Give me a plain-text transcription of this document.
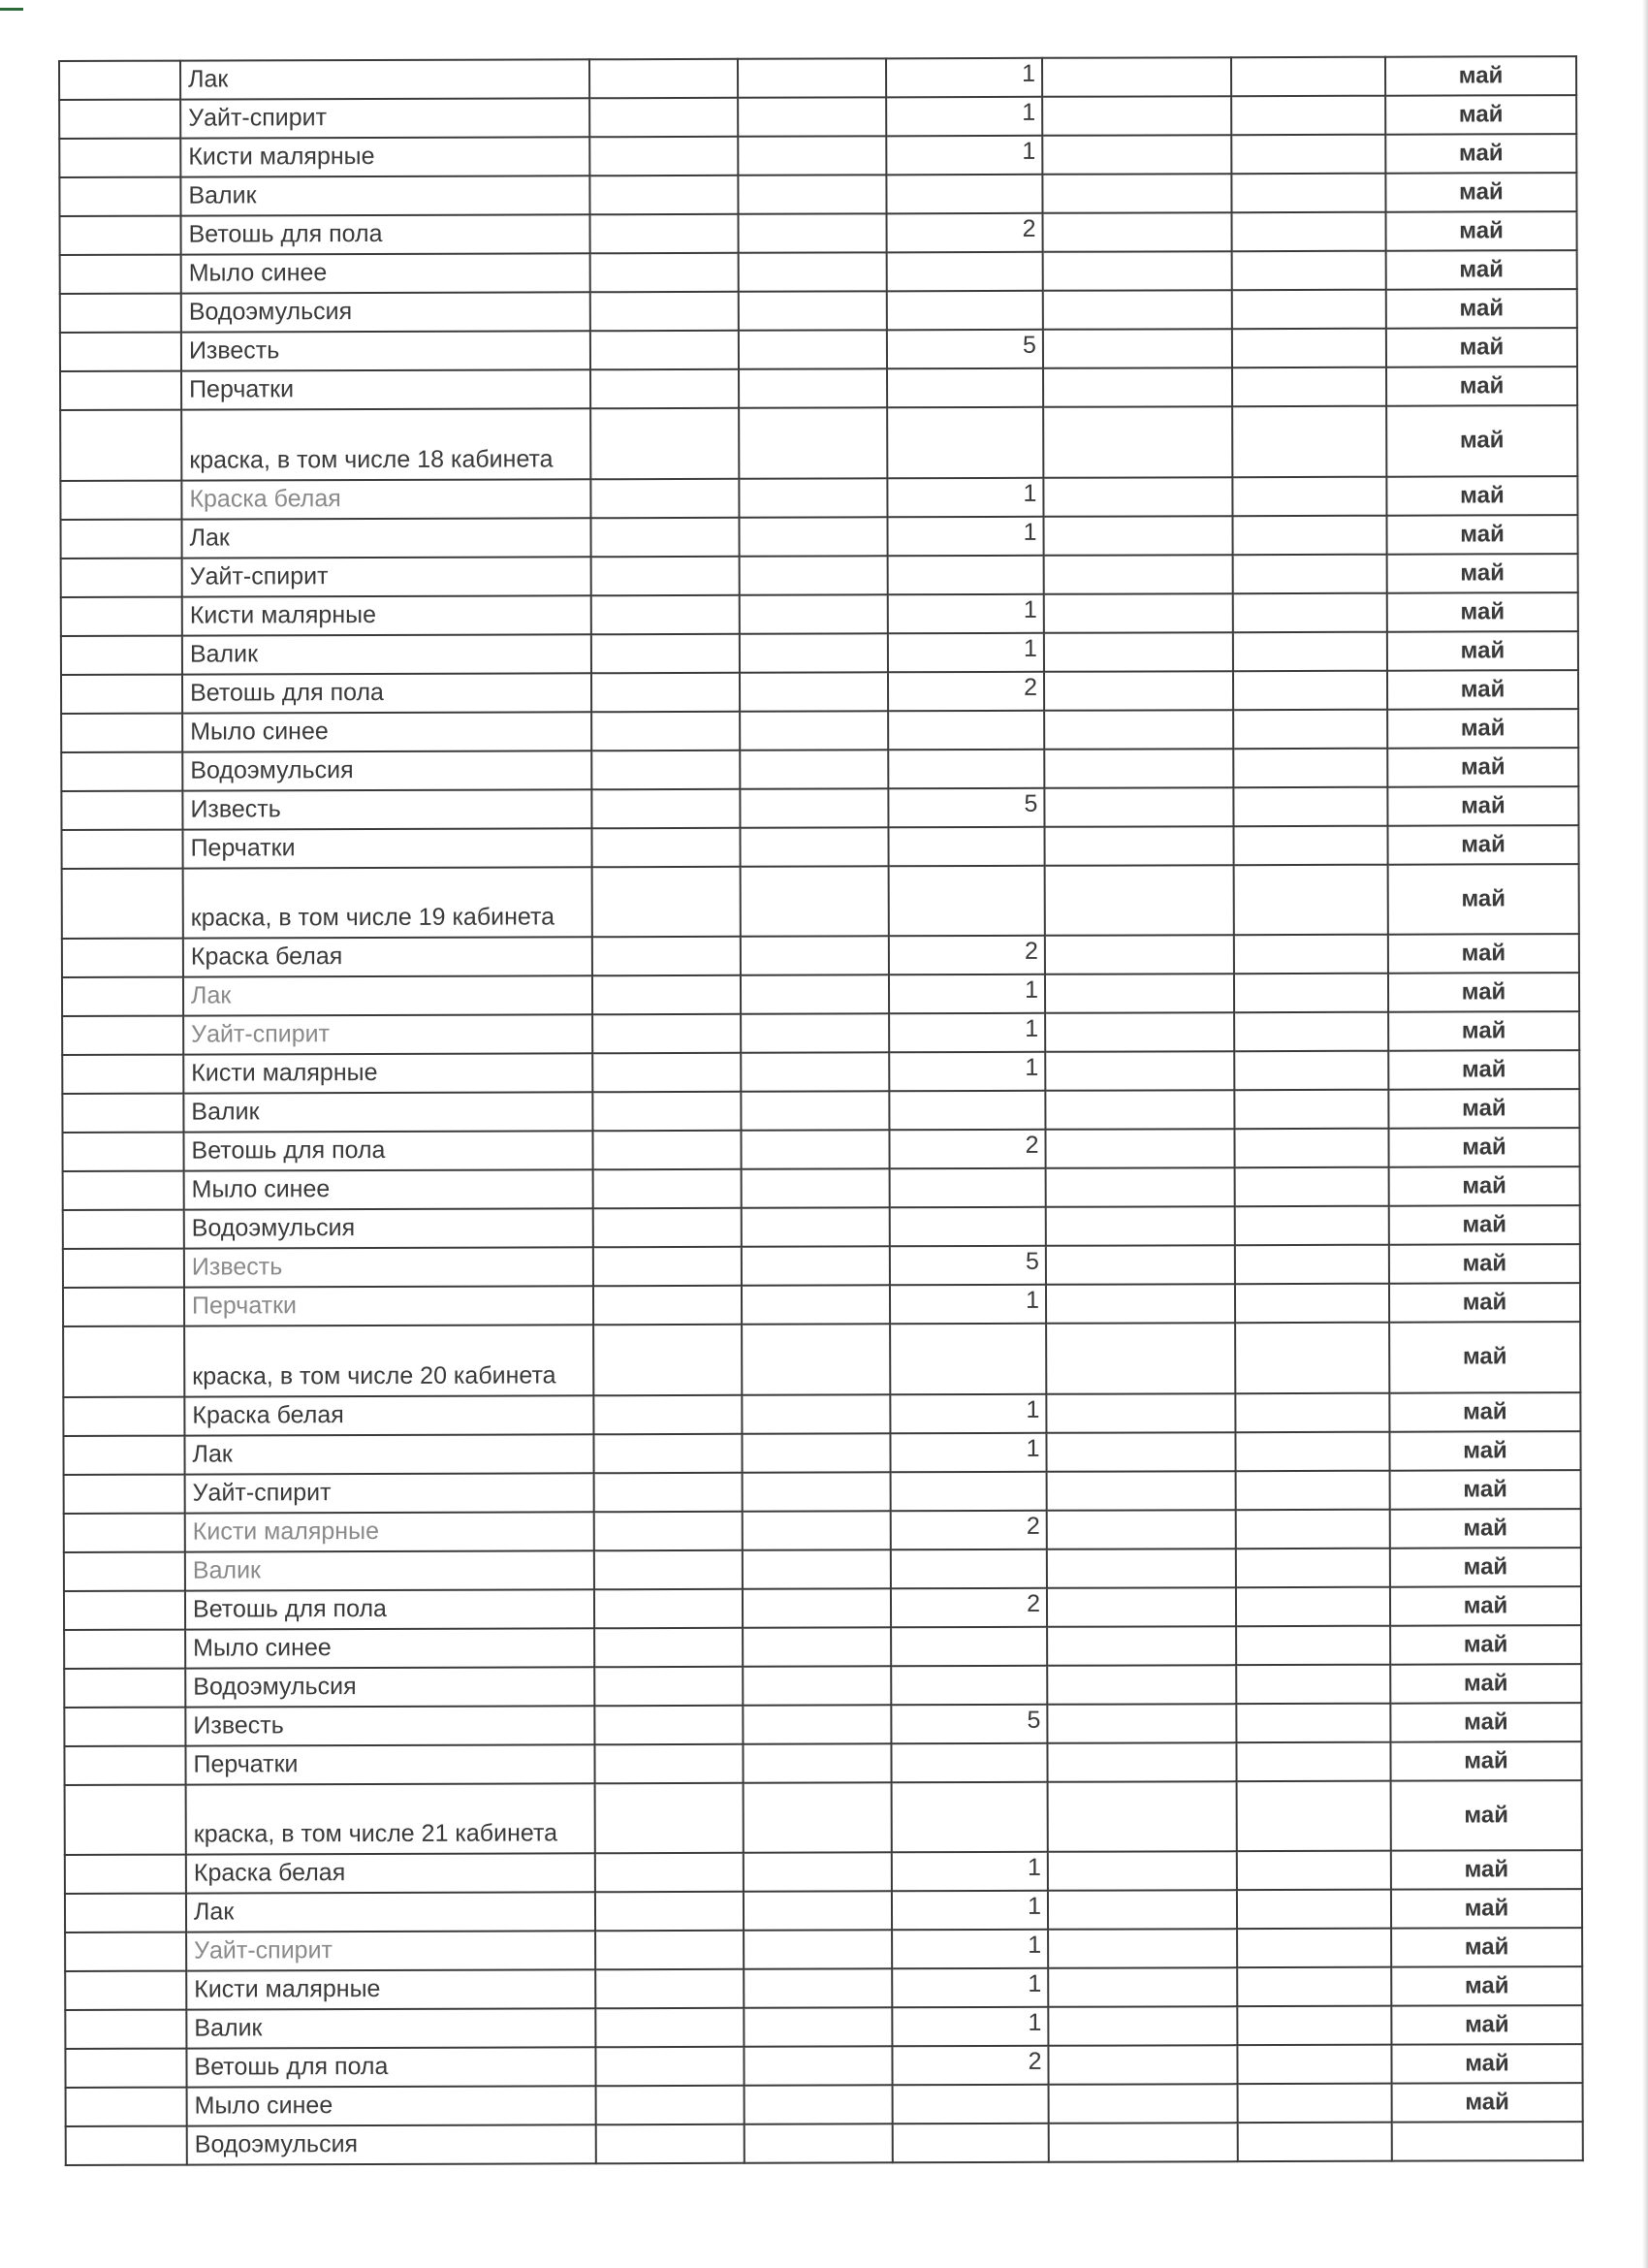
	Лак			1			май
	Уайт-спирит			1			май
	Кисти малярные			1			май
	Валик						май
	Ветошь для пола			2			май
	Мыло синее						май
	Водоэмульсия						май
	Известь			5			май
	Перчатки						май
	краска, в том числе 18 кабинета						май
	Краска белая			1			май
	Лак			1			май
	Уайт-спирит						май
	Кисти малярные			1			май
	Валик			1			май
	Ветошь для пола			2			май
	Мыло синее						май
	Водоэмульсия						май
	Известь			5			май
	Перчатки						май
	краска, в том числе 19 кабинета						май
	Краска белая			2			май
	Лак			1			май
	Уайт-спирит			1			май
	Кисти малярные			1			май
	Валик						май
	Ветошь для пола			2			май
	Мыло синее						май
	Водоэмульсия						май
	Известь			5			май
	Перчатки			1			май
	краска, в том числе 20 кабинета						май
	Краска белая			1			май
	Лак			1			май
	Уайт-спирит						май
	Кисти малярные			2			май
	Валик						май
	Ветошь для пола			2			май
	Мыло синее						май
	Водоэмульсия						май
	Известь			5			май
	Перчатки						май
	краска, в том числе 21 кабинета						май
	Краска белая			1			май
	Лак			1			май
	Уайт-спирит			1			май
	Кисти малярные			1			май
	Валик			1			май
	Ветошь для пола			2			май
	Мыло синее						май
	Водоэмульсия						
